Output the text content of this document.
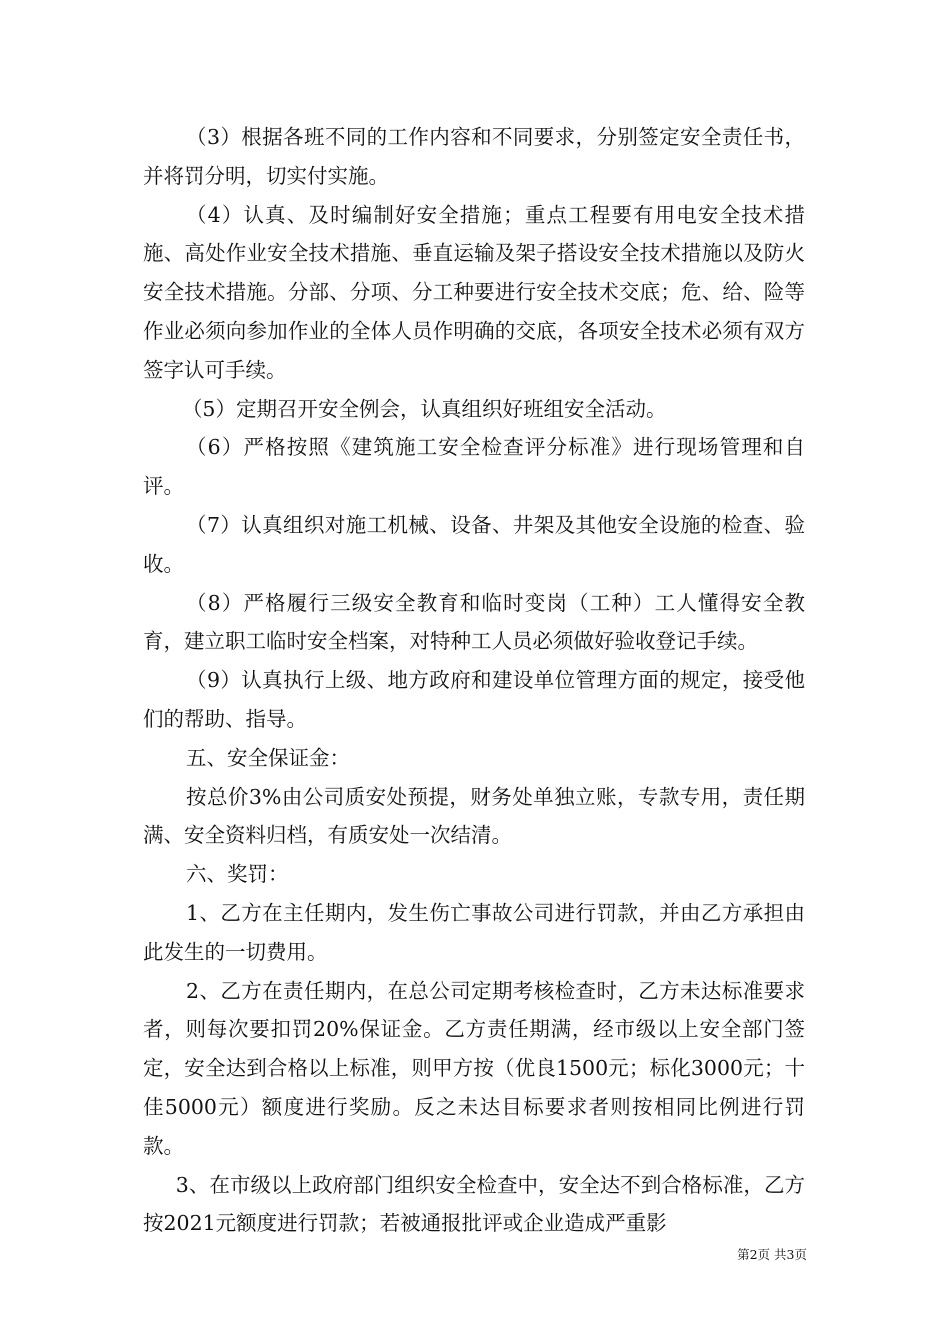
（3）根据各班不同的工作内容和不同要求，分别签定安全责任书，并将罚分明，切实付实施。

（4）认真、及时编制好安全措施；重点工程要有用电安全技术措施、高处作业安全技术措施、垂直运输及架子搭设安全技术措施以及防火安全技术措施。分部、分项、分工种要进行安全技术交底；危、给、险等作业必须向参加作业的全体人员作明确的交底，各项安全技术必须有双方签字认可手续。

（5）定期召开安全例会，认真组织好班组安全活动。

（6）严格按照《建筑施工安全检查评分标准》进行现场管理和自评。

（7）认真组织对施工机械、设备、井架及其他安全设施的检查、验收。

（8）严格履行三级安全教育和临时变岗（工种）工人懂得安全教育，建立职工临时安全档案，对特种工人员必须做好验收登记手续。

（9）认真执行上级、地方政府和建设单位管理方面的规定，接受他们的帮助、指导。

五、安全保证金：

按总价3%由公司质安处预提，财务处单独立账，专款专用，责任期满、安全资料归档，有质安处一次结清。

六、奖罚：

1、乙方在主任期内，发生伤亡事故公司进行罚款，并由乙方承担由此发生的一切费用。

2、乙方在责任期内，在总公司定期考核检查时，乙方未达标准要求者，则每次要扣罚20%保证金。乙方责任期满，经市级以上安全部门签定，安全达到合格以上标准，则甲方按（优良1500元；标化3000元；十佳5000元）额度进行奖励。反之未达目标要求者则按相同比例进行罚款。

3、在市级以上政府部门组织安全检查中，安全达不到合格标准，乙方按2021元额度进行罚款；若被通报批评或企业造成严重影

第2页 共3页
